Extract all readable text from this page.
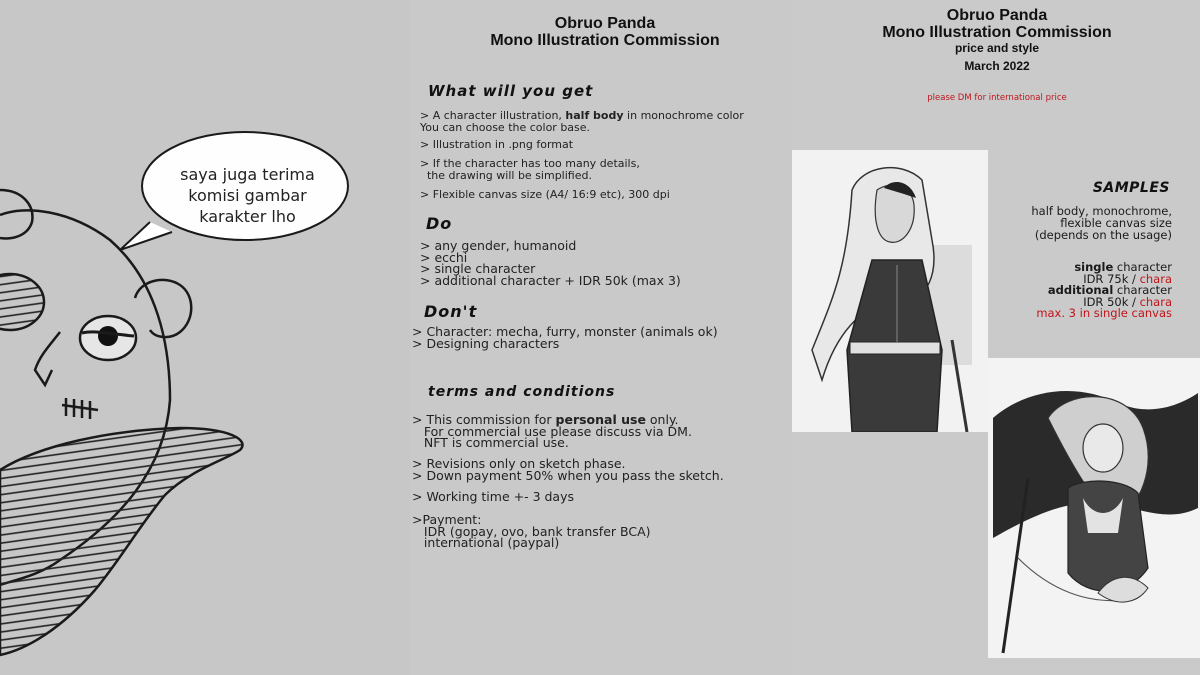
saya juga terima
komisi gambar
karakter lho
Obruo Panda
Mono Illustration Commission
What will you get
> A character illustration, half body in monochrome color
You can choose the color base.
> Illustration in .png format
> If the character has too many details,
the drawing will be simplified.
> Flexible canvas size (A4/ 16:9 etc), 300 dpi
Do
> any gender, humanoid
> ecchi
> single character
> additional character + IDR 50k (max 3)
Don't
> Character: mecha, furry, monster (animals ok)
> Designing characters
terms and conditions
> This commission for personal use only.
For commercial use please discuss via DM.
NFT is commercial use.
> Revisions only on sketch phase.
> Down payment 50% when you pass the sketch.
> Working time +- 3 days
>Payment:
IDR (gopay, ovo, bank transfer BCA)
international (paypal)
Obruo Panda
Mono Illustration Commission
price and style
March 2022
please DM for international price
SAMPLES
half body, monochrome,
flexible canvas size
(depends on the usage)
single character
IDR 75k / chara
additional character
IDR 50k / chara
max. 3 in single canvas
